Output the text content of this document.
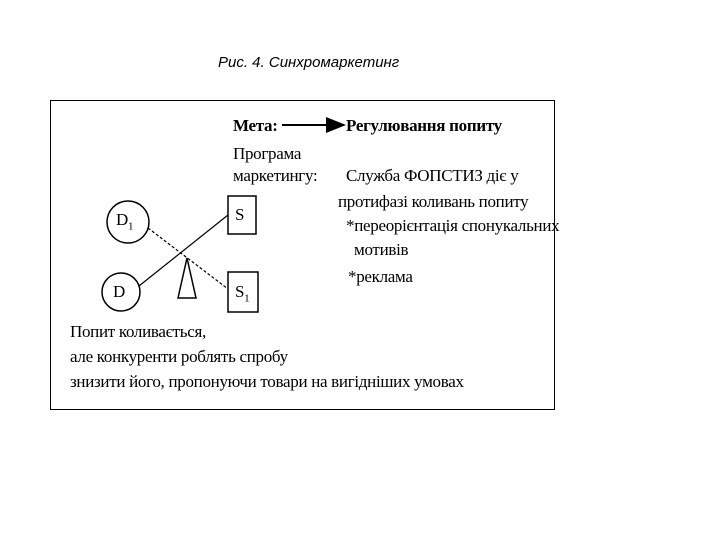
Рис. 4. Синхромаркетинг
Мета:	Регулювання попиту
Програма
маркетингу: Служба ФОПСТИЗ діє у
протифазі коливань попиту
*переорієнтація спонукальних
мотивів
*реклама
$D_1$
D
S
$S_1$
Попит коливається,
але конкуренти роблять спробу
знизити його, пропонуючи товари на вигідніших умовах
